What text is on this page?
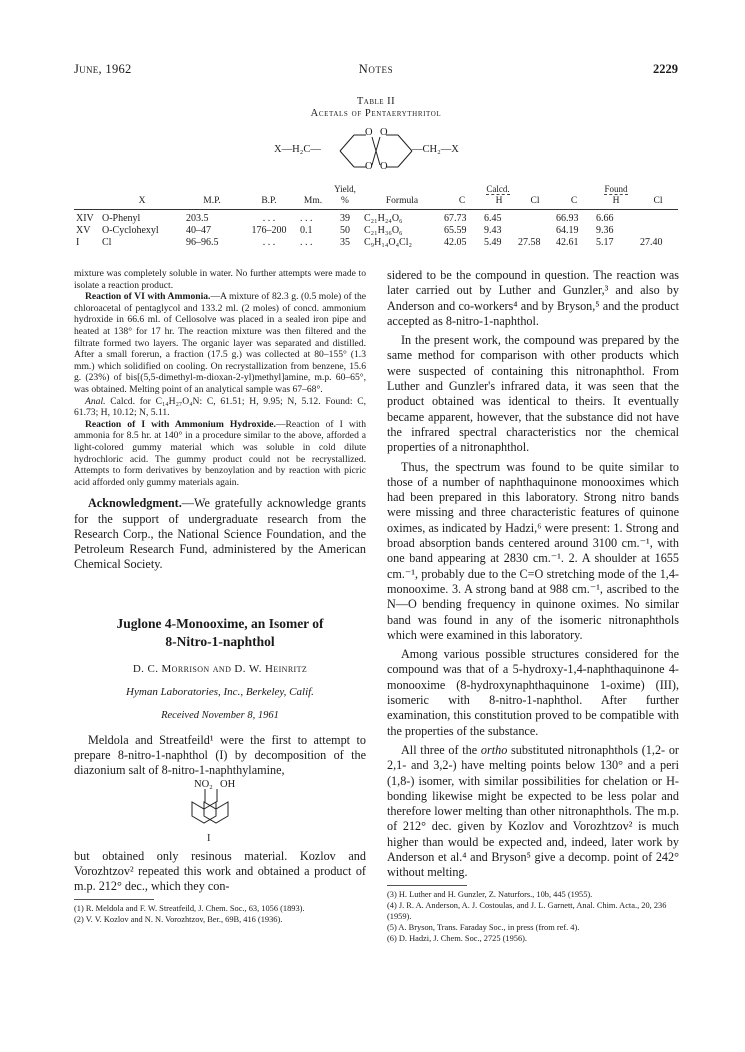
June, 1962	Notes	2229
Table II
Acetals of Pentaerythritol
X—H₂C—	—CH₂—X
O O
O O
					Yield,		Calcd.			Found		
	X	M.P.	B.P.	Mm.	%	Formula	C	H	Cl	C	H	Cl
XIV	O-Phenyl	203.5	. . .	. . .	39	C₂₁H₂₄O₆	67.73	6.45		66.93	6.66	
XV	O-Cyclohexyl	40–47	176–200	0.1	50	C₂₁H₃₆O₆	65.59	9.43		64.19	9.36	
I	Cl	96–96.5	. . .	. . .	35	C₉H₁₄O₄Cl₂	42.05	5.49	27.58	42.61	5.17	27.40

mixture was completely soluble in water. No further attempts were made to isolate a reaction product.

Reaction of VI with Ammonia.—A mixture of 82.3 g. (0.5 mole) of the chloroacetal of pentaglycol and 133.2 ml. (2 moles) of concd. ammonium hydroxide in 66.6 ml. of Cellosolve was placed in a sealed iron pipe and heated at 138° for 17 hr. The reaction mixture was then filtered and the filtrate formed two layers. The organic layer was separated and distilled. After a small forerun, a fraction (17.5 g.) was collected at 80–155° (1.3 mm.) which solidified on cooling. On recrystallization from benzene, 15.6 g. (23%) of bis[(5,5-dimethyl-m-dioxan-2-yl)methyl]amine, m.p. 60–65°, was obtained. Melting point of an analytical sample was 67–68°.

Anal. Calcd. for C₁₄H₂₇O₄N: C, 61.51; H, 9.95; N, 5.12. Found: C, 61.73; H, 10.12; N, 5.11.

Reaction of I with Ammonium Hydroxide.—Reaction of I with ammonia for 8.5 hr. at 140° in a procedure similar to the above, afforded a light-colored gummy material which was soluble in cold dilute hydrochloric acid. The gummy product could not be recrystallized. Attempts to form derivatives by benzoylation and by reaction with picric acid afforded only gummy materials again.

Acknowledgment.—We gratefully acknowledge grants for the support of undergraduate research from the Research Corp., the National Science Foundation, and the Petroleum Research Fund, administered by the American Chemical Society.

Juglone 4-Monooxime, an Isomer of
8-Nitro-1-naphthol
D. C. Morrison and D. W. Heinritz
Hyman Laboratories, Inc., Berkeley, Calif.
Received November 8, 1961

Meldola and Streatfeild¹ were the first to attempt to prepare 8-nitro-1-naphthol (I) by decomposition of the diazonium salt of 8-nitro-1-naphthylamine,

NO₂ OH
I

but obtained only resinous material. Kozlov and Vorozhtzov² repeated this work and obtained a product of m.p. 212° dec., which they con-

(1) R. Meldola and F. W. Streatfeild, J. Chem. Soc., 63, 1056 (1893).
(2) V. V. Kozlov and N. N. Vorozhtzov, Ber., 69B, 416 (1936).

sidered to be the compound in question. The reaction was later carried out by Luther and Gunzler,³ and also by Anderson and co-workers⁴ and by Bryson,⁵ and the product accepted as 8-nitro-1-naphthol.

In the present work, the compound was prepared by the same method for comparison with other products which were suspected of containing this nitronaphthol. From Luther and Gunzler's infrared data, it was seen that the product obtained was identical to theirs. It eventually became apparent, however, that the substance did not have the infrared spectral characteristics nor the chemical properties of a nitronaphthol.

Thus, the spectrum was found to be quite similar to those of a number of naphthaquinone monooximes which had been prepared in this laboratory. Strong nitro bands were missing and three characteristic features of quinone oximes, as indicated by Hadzi,⁶ were present: 1. Strong and broad absorption bands centered around 3100 cm.⁻¹, with one band appearing at 2830 cm.⁻¹. 2. A shoulder at 1655 cm.⁻¹, probably due to the C=O stretching mode of the 1,4-monooxime. 3. A strong band at 988 cm.⁻¹, ascribed to the N—O bending frequency in quinone oximes. No similar band was found in any of the isomeric nitronaphthols which were examined in this laboratory.

Among various possible structures considered for the compound was that of a 5-hydroxy-1,4-naphthaquinone 4-monooxime (8-hydroxynaphthaquinone 1-oxime) (III), isomeric with 8-nitro-1-naphthol. After further examination, this constitution proved to be compatible with the properties of the substance.

All three of the ortho substituted nitronaphthols (1,2- or 2,1- and 3,2-) have melting points below 130° and a peri (1,8-) isomer, with similar possibilities for chelation or H-bonding likewise might be expected to be less polar and therefore lower melting than other nitronaphthols. The m.p. of 212° dec. given by Kozlov and Vorozhtzov² is much higher than would be expected and, indeed, later work by Anderson et al.⁴ and Bryson⁵ give a decomp. point of 242° without melting.

(3) H. Luther and H. Gunzler, Z. Naturfors., 10b, 445 (1955).
(4) J. R. A. Anderson, A. J. Costoulas, and J. L. Garnett, Anal. Chim. Acta., 20, 236 (1959).
(5) A. Bryson, Trans. Faraday Soc., in press (from ref. 4).
(6) D. Hadzi, J. Chem. Soc., 2725 (1956).
